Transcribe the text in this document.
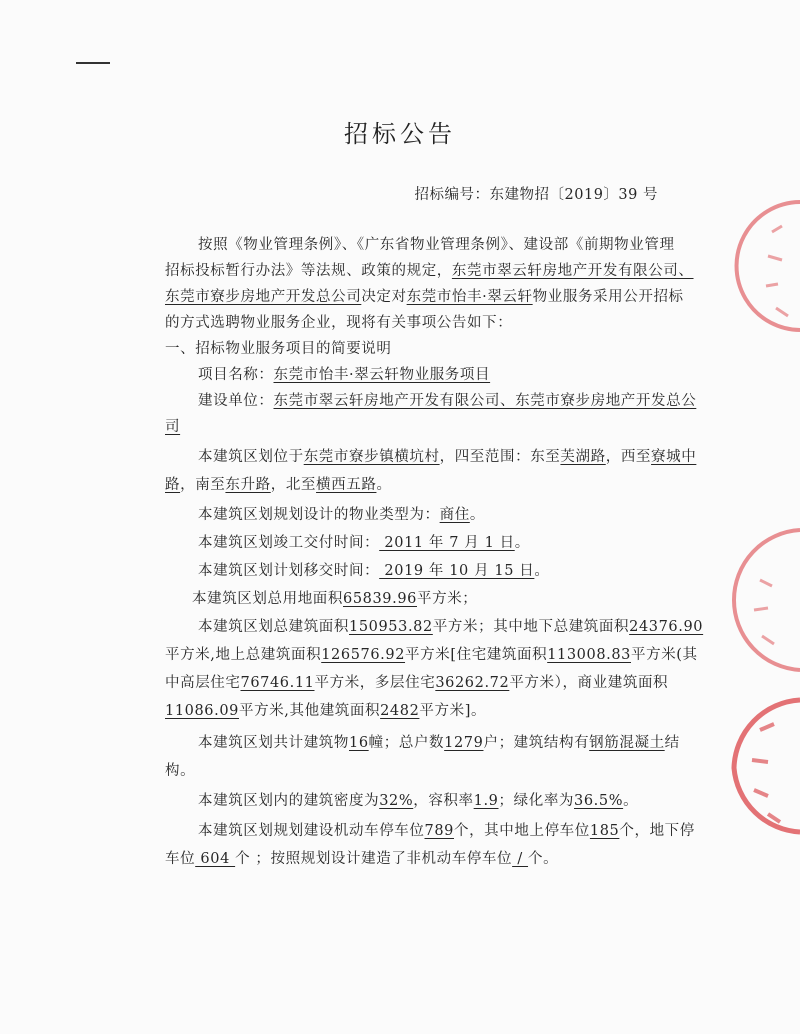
招标公告
招标编号：东建物招〔2019〕39 号
按照《物业管理条例》、《广东省物业管理条例》、建设部《前期物业管理
招标投标暂行办法》等法规、政策的规定，东莞市翠云轩房地产开发有限公司、
东莞市寮步房地产开发总公司决定对东莞市怡丰·翠云轩物业服务采用公开招标
的方式选聘物业服务企业，现将有关事项公告如下：
一、招标物业服务项目的简要说明
项目名称：东莞市怡丰·翠云轩物业服务项目
建设单位：东莞市翠云轩房地产开发有限公司、东莞市寮步房地产开发总公
司
本建筑区划位于东莞市寮步镇横坑村，四至范围：东至芙湖路，西至寮城中
路，南至东升路，北至横西五路。
本建筑区划规划设计的物业类型为：商住。
本建筑区划竣工交付时间： 2011 年 7 月 1 日。
本建筑区划计划移交时间： 2019 年 10 月 15 日。
本建筑区划总用地面积65839.96平方米；
本建筑区划总建筑面积150953.82平方米；其中地下总建筑面积24376.90
平方米,地上总建筑面积126576.92平方米[住宅建筑面积113008.83平方米(其
中高层住宅76746.11平方米，多层住宅36262.72平方米），商业建筑面积
11086.09平方米,其他建筑面积2482平方米]。
本建筑区划共计建筑物16幢；总户数1279户；建筑结构有钢筋混凝土结
构。
本建筑区划内的建筑密度为32%，容积率1.9；绿化率为36.5%。
本建筑区划规划建设机动车停车位789个，其中地上停车位185个，地下停
车位 604 个 ；按照规划设计建造了非机动车停车位 / 个。
